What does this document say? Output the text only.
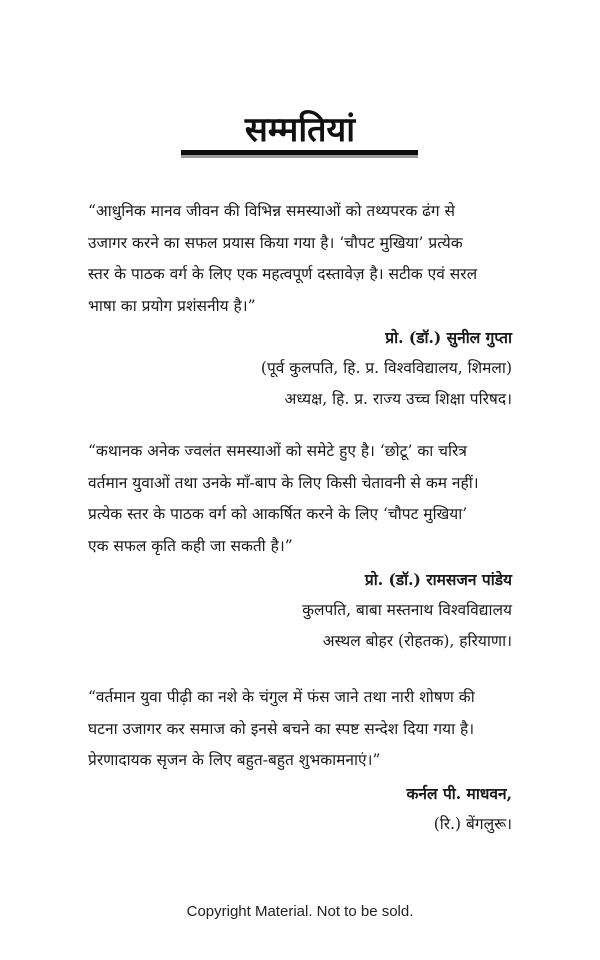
सम्मतियां
“आधुनिक मानव जीवन की विभिन्न समस्याओं को तथ्यपरक ढंग से
उजागर करने का सफल प्रयास किया गया है। ‘चौपट मुखिया’ प्रत्येक
स्तर के पाठक वर्ग के लिए एक महत्वपूर्ण दस्तावेज़ है। सटीक एवं सरल
भाषा का प्रयोग प्रशंसनीय है।”
प्रो. (डॉ.) सुनील गुप्ता
(पूर्व कुलपति, हि. प्र. विश्वविद्यालय, शिमला)
अध्यक्ष, हि. प्र. राज्य उच्च शिक्षा परिषद।
“कथानक अनेक ज्वलंत समस्याओं को समेटे हुए है। ‘छोटू’ का चरित्र
वर्तमान युवाओं तथा उनके माँ-बाप के लिए किसी चेतावनी से कम नहीं।
प्रत्येक स्तर के पाठक वर्ग को आकर्षित करने के लिए ‘चौपट मुखिया’
एक सफल कृति कही जा सकती है।”
प्रो. (डॉ.) रामसजन पांडेय
कुलपति, बाबा मस्तनाथ विश्वविद्यालय
अस्थल बोहर (रोहतक), हरियाणा।
“वर्तमान युवा पीढ़ी का नशे के चंगुल में फंस जाने तथा नारी शोषण की
घटना उजागर कर समाज को इनसे बचने का स्पष्ट सन्देश दिया गया है।
प्रेरणादायक सृजन के लिए बहुत-बहुत शुभकामनाएं।”
कर्नल पी. माधवन,
(रि.) बेंगलुरू।
Copyright Material. Not to be sold.
